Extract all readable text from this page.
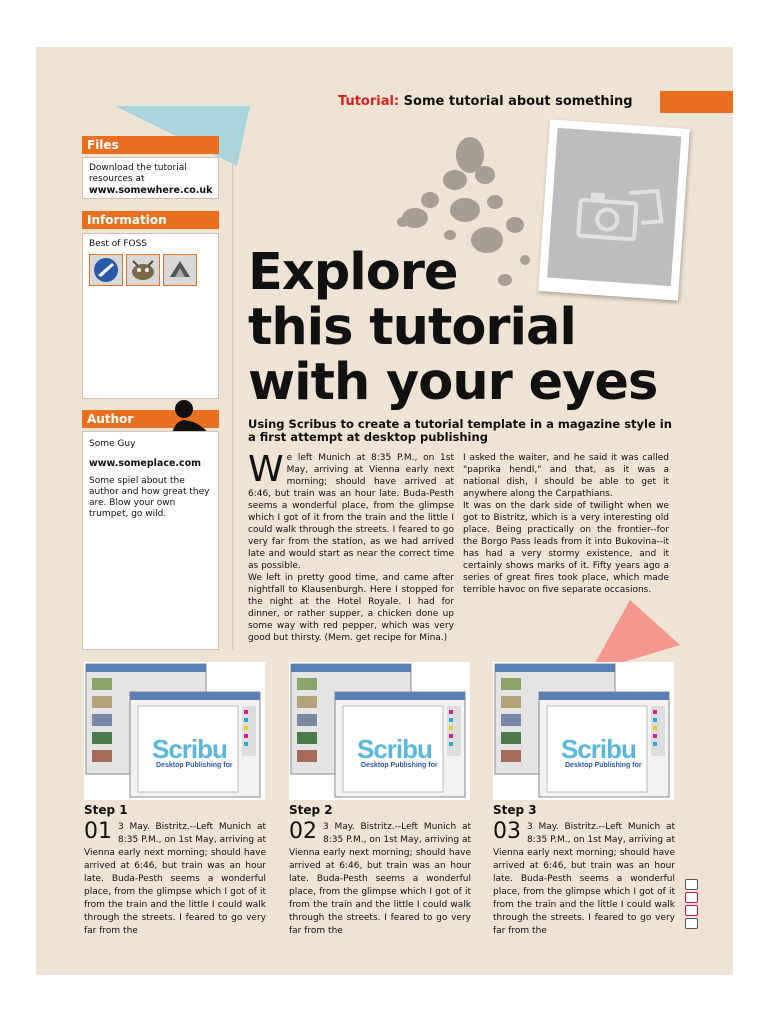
Tutorial: Some tutorial about something
Files
Download the tutorial resources at
www.somewhere.co.uk
Information
Best of FOSS
Author
Some Guy
www.someplace.com
Some spiel about the author and how great they are. Blow your own trumpet, go wild.
Explore
this tutorial
with your eyes
Using Scribus to create a tutorial template in a magazine style in a first attempt at desktop publishing
W e left Munich at 8:35 P.M., on 1st May, arriving at Vienna early next morning; should have arrived at 6:46, but train was an hour late. Buda-Pesth seems a wonderful place, from the glimpse which I got of it from the train and the little I could walk through the streets. I feared to go very far from the station, as we had arrived late and would start as near the correct time as possible.
We left in pretty good time, and came after nightfall to Klausenburgh. Here I stopped for the night at the Hotel Royale. I had for dinner, or rather supper, a chicken done up some way with red pepper, which was very good but thirsty. (Mem. get recipe for Mina.)
I asked the waiter, and he said it was called "paprika hendl," and that, as it was a national dish, I should be able to get it anywhere along the Carpathians.
It was on the dark side of twilight when we got to Bistritz, which is a very interesting old place. Being practically on the frontier--for the Borgo Pass leads from it into Bukovina--it has had a very stormy existence, and it certainly shows marks of it. Fifty years ago a series of great fires took place, which made terrible havoc on five separate occasions.
Scribu
Desktop Publishing for
Scribu
Desktop Publishing for
Scribu
Desktop Publishing for
Step 1
01 3 May. Bistritz.--Left Munich at 8:35 P.M., on 1st May, arriving at Vienna early next morning; should have arrived at 6:46, but train was an hour late. Buda-Pesth seems a wonderful place, from the glimpse which I got of it from the train and the little I could walk through the streets. I feared to go very far from the
Step 2
02 3 May. Bistritz.--Left Munich at 8:35 P.M., on 1st May, arriving at Vienna early next morning; should have arrived at 6:46, but train was an hour late. Buda-Pesth seems a wonderful place, from the glimpse which I got of it from the train and the little I could walk through the streets. I feared to go very far from the
Step 3
03 3 May. Bistritz.--Left Munich at 8:35 P.M., on 1st May, arriving at Vienna early next morning; should have arrived at 6:46, but train was an hour late. Buda-Pesth seems a wonderful place, from the glimpse which I got of it from the train and the little I could walk through the streets. I feared to go very far from the
